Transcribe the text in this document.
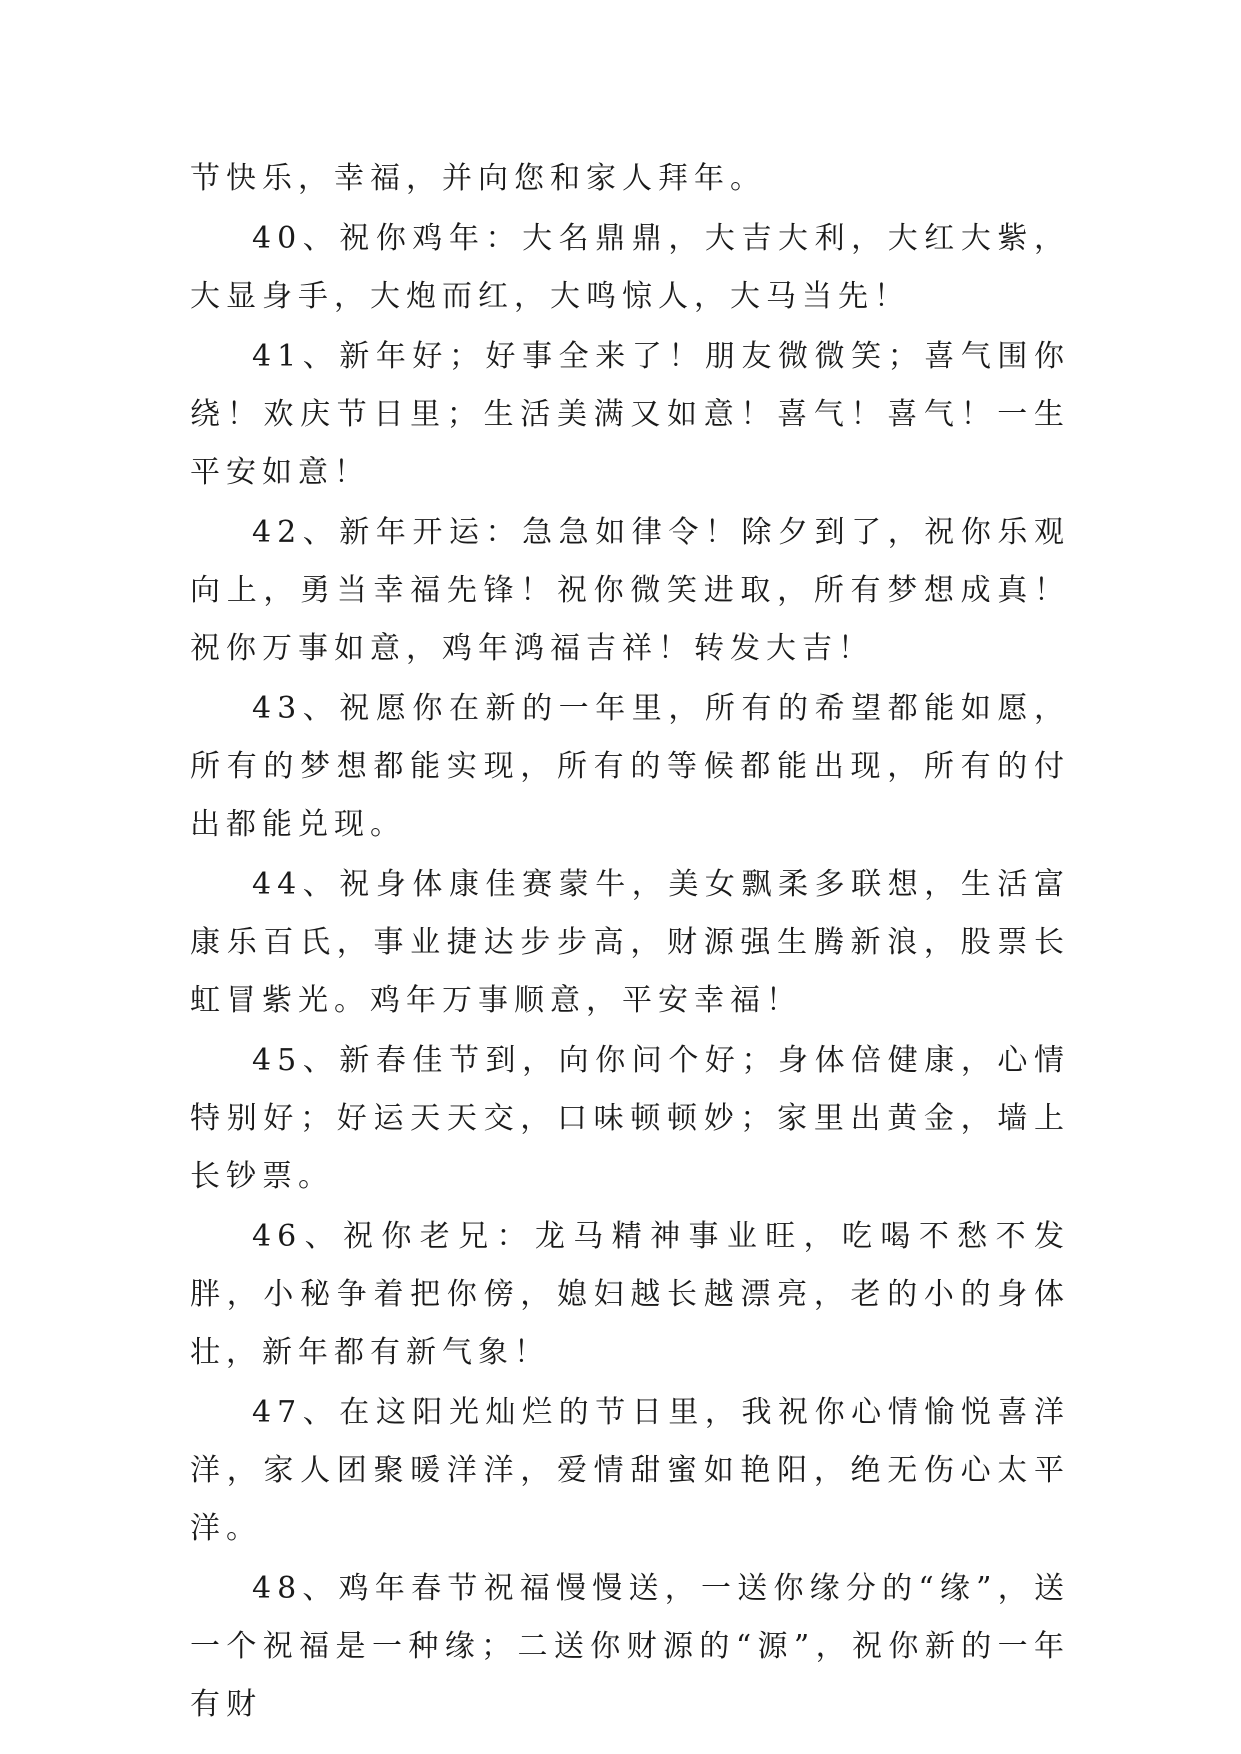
节快乐，幸福，并向您和家人拜年。

40、祝你鸡年：大名鼎鼎，大吉大利，大红大紫，大显身手，大炮而红，大鸣惊人，大马当先！

41、新年好；好事全来了！朋友微微笑；喜气围你绕！欢庆节日里；生活美满又如意！喜气！喜气！一生平安如意！

42、新年开运：急急如律令！除夕到了，祝你乐观向上，勇当幸福先锋！祝你微笑进取，所有梦想成真！祝你万事如意，鸡年鸿福吉祥！转发大吉！

43、祝愿你在新的一年里，所有的希望都能如愿，所有的梦想都能实现，所有的等候都能出现，所有的付出都能兑现。

44、祝身体康佳赛蒙牛，美女飘柔多联想，生活富康乐百氏，事业捷达步步高，财源强生腾新浪，股票长虹冒紫光。鸡年万事顺意，平安幸福！

45、新春佳节到，向你问个好；身体倍健康，心情特别好；好运天天交，口味顿顿妙；家里出黄金，墙上长钞票。

46、祝你老兄：龙马精神事业旺，吃喝不愁不发胖，小秘争着把你傍，媳妇越长越漂亮，老的小的身体壮，新年都有新气象！

47、在这阳光灿烂的节日里，我祝你心情愉悦喜洋洋，家人团聚暖洋洋，爱情甜蜜如艳阳，绝无伤心太平洋。

48、鸡年春节祝福慢慢送，一送你缘分的“缘”，送一个祝福是一种缘；二送你财源的“源”，祝你新的一年有财
